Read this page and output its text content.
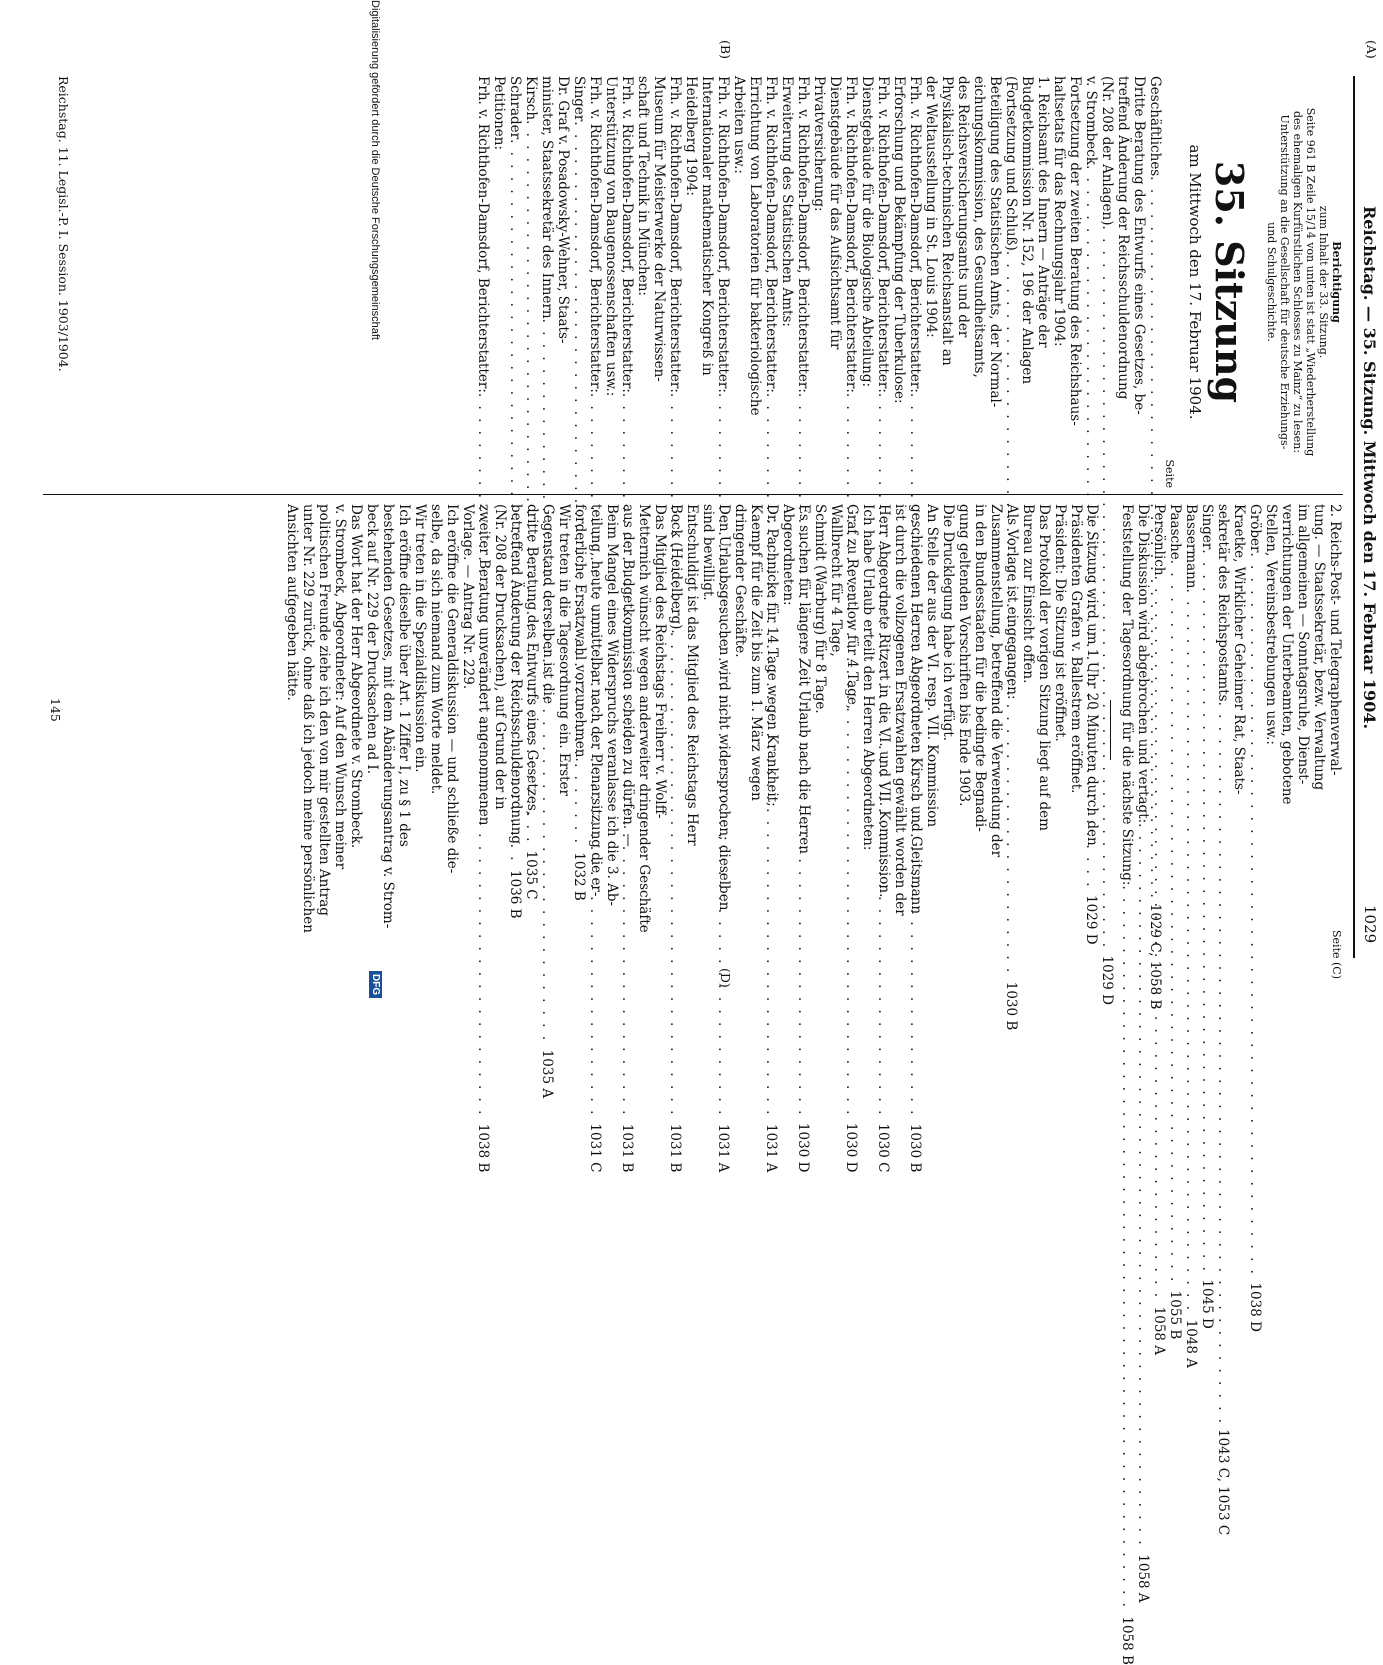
(A)
Reichstag. — 35. Sitzung. Mittwoch den 17. Februar 1904.
1029
Berichtigung
zum Inhalt der 33. Sitzung.
Seite 961 B Zeile 15/14 von unten ist statt „Wiederherstellung
des ehemaligen Kurfürstlichen Schlosses zu Mainz“ zu lesen:
Unterstützung an die Gesellschaft für deutsche Erziehungs-
und Schulgeschichte.
35. Sitzung
am Mittwoch den 17. Februar 1904.
Seite
Geschäftliches
. . .
1029 C, 1058 B
Dritte Beratung des Entwurfs eines Gesetzes, be-
treffend Änderung der Reichsschuldenordnung
(Nr. 208 der Anlagen)
. . .
1029 D
v. Strombeck
. . .
1029 D
Fortsetzung der zweiten Beratung des Reichshaus-
haltsetats für das Rechnungsjahr 1904:
1. Reichsamt des Innern — Anträge der
Budgetkommission Nr. 152, 196 der Anlagen
(Fortsetzung und Schluß)
. . .
1030 B
Beteiligung des Statistischen Amts, der Normal-
eichungskommission, des Gesundheitsamts,
des Reichsversicherungsamts und der
Physikalisch-technischen Reichsanstalt an
der Weltausstellung in St. Louis 1904:
Frh. v. Richthofen-Damsdorf, Berichterstatter:
. . .
1030 B
Erforschung und Bekämpfung der Tuberkulose:
Frh. v. Richthofen-Damsdorf, Berichterstatter:
. . .
1030 C
Dienstgebäude für die Biologische Abteilung:
Frh. v. Richthofen-Damsdorf, Berichterstatter:
. . .
1030 D
Dienstgebäude für das Aufsichtsamt für
Privatversicherung:
Frh. v. Richthofen-Damsdorf, Berichterstatter:
. . .
1030 D
Erweiterung des Statistischen Amts:
Frh. v. Richthofen-Damsdorf, Berichterstatter:
. . .
1031 A
Errichtung von Laboratorien für bakteriologische
Arbeiten usw.:
Frh. v. Richthofen-Damsdorf, Berichterstatter:
. . .
1031 A
Internationaler mathematischer Kongreß in
Heidelberg 1904:
Frh. v. Richthofen-Damsdorf, Berichterstatter:
. . .
1031 B
Museum für Meisterwerke der Naturwissen-
schaft und Technik in München:
Frh. v. Richthofen-Damsdorf, Berichterstatter:
. . .
1031 B
Unterstützung von Baugenossenschaften usw.:
Frh. v. Richthofen-Damsdorf, Berichterstatter:
. . .
1031 C
Singer
. . .
1032 B
Dr. Graf v. Posadowsky-Wehner, Staats-
minister, Staatssekretär des Innern
. . .
1035 A
Kirsch
. . .
1035 C
Schrader
. . .
1036 B
Petitionen:
Frh. v. Richthofen-Damsdorf, Berichterstatter:
. . .
1038 B
(B)
Reichstag. 11. Legisl.-P. I. Session. 1903/1904.
2. Reichs-Post- und Telegraphenverwal-
tung. — Staatssekretär, bezw. Verwaltung
im allgemeinen — Sonntagsruhe, Dienst-
verrichtungen der Unterbeamten, gebotene
Stellen, Vereinsbestrebungen usw.:
Gröber
. . .
1038 D
Kraetke, Wirklicher Geheimer Rat, Staats-
sekretär des Reichspostamts
. . .
1043 C, 1053 C
Singer
. . .
1045 D
Bassermann
. . .
1048 A
Paasche
. . .
1055 B
Persönlich
. . .
1058 A
Die Diskussion wird abgebrochen und vertagt:
. . .
1058 A
Feststellung der Tagesordnung für die nächste Sitzung:
. . .
1058 B
Die Sitzung wird um 1 Uhr 20 Minuten durch den
Präsidenten Grafen v. Ballestrem eröffnet.
Präsident: Die Sitzung ist eröffnet.
Das Protokoll der vorigen Sitzung liegt auf dem
Bureau zur Einsicht offen.
Als Vorlage ist eingegangen:
Zusammenstellung, betreffend die Verwendung der
in den Bundesstaaten für die bedingte Begnadi-
gung geltenden Vorschriften bis Ende 1903.
Die Drucklegung habe ich verfügt.
An Stelle der aus der VI. resp. VII. Kommission
geschiedenen Herren Abgeordneten Kirsch und Gleitsmann
ist durch die vollzogenen Ersatzwahlen gewählt worden der
Herr Abgeordnete Ritzert in die VI. und VII. Kommission.
Ich habe Urlaub erteilt den Herren Abgeordneten:
Graf zu Reventlow für 4 Tage,
Wallbrecht für 4 Tage,
Schmidt (Warburg) für 8 Tage.
Es suchen für längere Zeit Urlaub nach die Herren
Abgeordneten:
Dr. Pachnicke für 14 Tage wegen Krankheit;
Kaempf für die Zeit bis zum 1. März wegen
dringender Geschäfte.
Den Urlaubsgesuchen wird nicht widersprochen; dieselben
sind bewilligt.
Entschuldigt ist das Mitglied des Reichstags Herr
Bock (Heidelberg).
Das Mitglied des Reichstags Freiherr v. Wolff-
Metternich wünscht wegen anderweiter dringender Geschäfte
aus der Budgetkommission scheiden zu dürfen. —
Beim Mangel eines Widerspruchs veranlasse ich die 3. Ab-
teilung, heute unmittelbar nach der Plenarsitzung die er-
forderliche Ersatzwahl vorzunehmen.
Wir treten in die Tagesordnung ein. Erster
Gegenstand derselben ist die
dritte Beratung des Entwurfs eines Gesetzes,
betreffend Änderung der Reichsschuldenordnung
(Nr. 208 der Drucksachen), auf Grund der in
zweiter Beratung unverändert angenommenen
Vorlage. — Antrag Nr. 229.
Ich eröffne die Generaldiskussion — und schließe die-
selbe, da sich niemand zum Worte meldet.
Wir treten in die Spezialdiskussion ein.
Ich eröffne dieselbe über Art. 1 Ziffer I, zu § 1 des
bestehenden Gesetzes, mit dem Abänderungsantrag v. Strom-
beck auf Nr. 229 der Drucksachen ad I.
Das Wort hat der Herr Abgeordnete v. Strombeck.
v. Strombeck, Abgeordneter: Auf den Wunsch meiner
politischen Freunde ziehe ich den von mir gestellten Antrag
unter Nr. 229 zurück, ohne daß ich jedoch meine persönlichen
Ansichten aufgegeben hätte.
Seite (C)
(D)
145
Digitalisierung gefördert durch die Deutsche Forschungsgemeinschaft
DFG
